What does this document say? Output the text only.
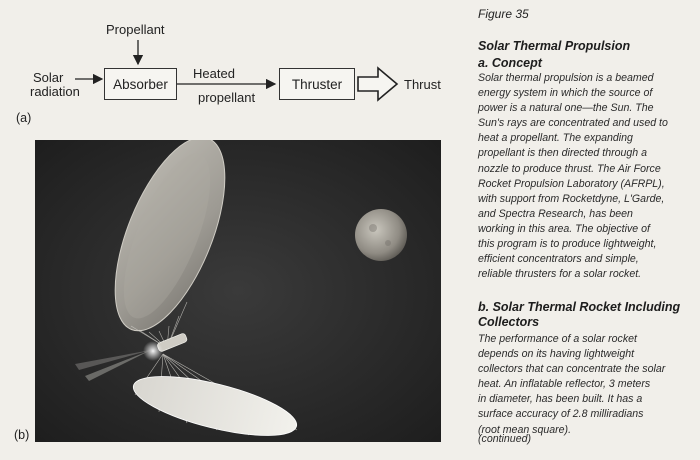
Propellant
Solar
radiation	Absorber
Heated
propellant
Thruster	Thrust
(a)
(b)
Figure 35
Solar Thermal Propulsion
a. Concept

Solar thermal propulsion is a beamed
energy system in which the source of
power is a natural one—the Sun. The
Sun's rays are concentrated and used to
heat a propellant. The expanding
propellant is then directed through a
nozzle to produce thrust. The Air Force
Rocket Propulsion Laboratory (AFRPL),
with support from Rocketdyne, L'Garde,
and Spectra Research, has been
working in this area. The objective of
this program is to produce lightweight,
efficient concentrators and simple,
reliable thrusters for a solar rocket.

b. Solar Thermal Rocket Including
Collectors

The performance of a solar rocket
depends on its having lightweight
collectors that can concentrate the solar
heat. An inflatable reflector, 3 meters
in diameter, has been built. It has a
surface accuracy of 2.8 milliradians
(root mean square).

(continued)
